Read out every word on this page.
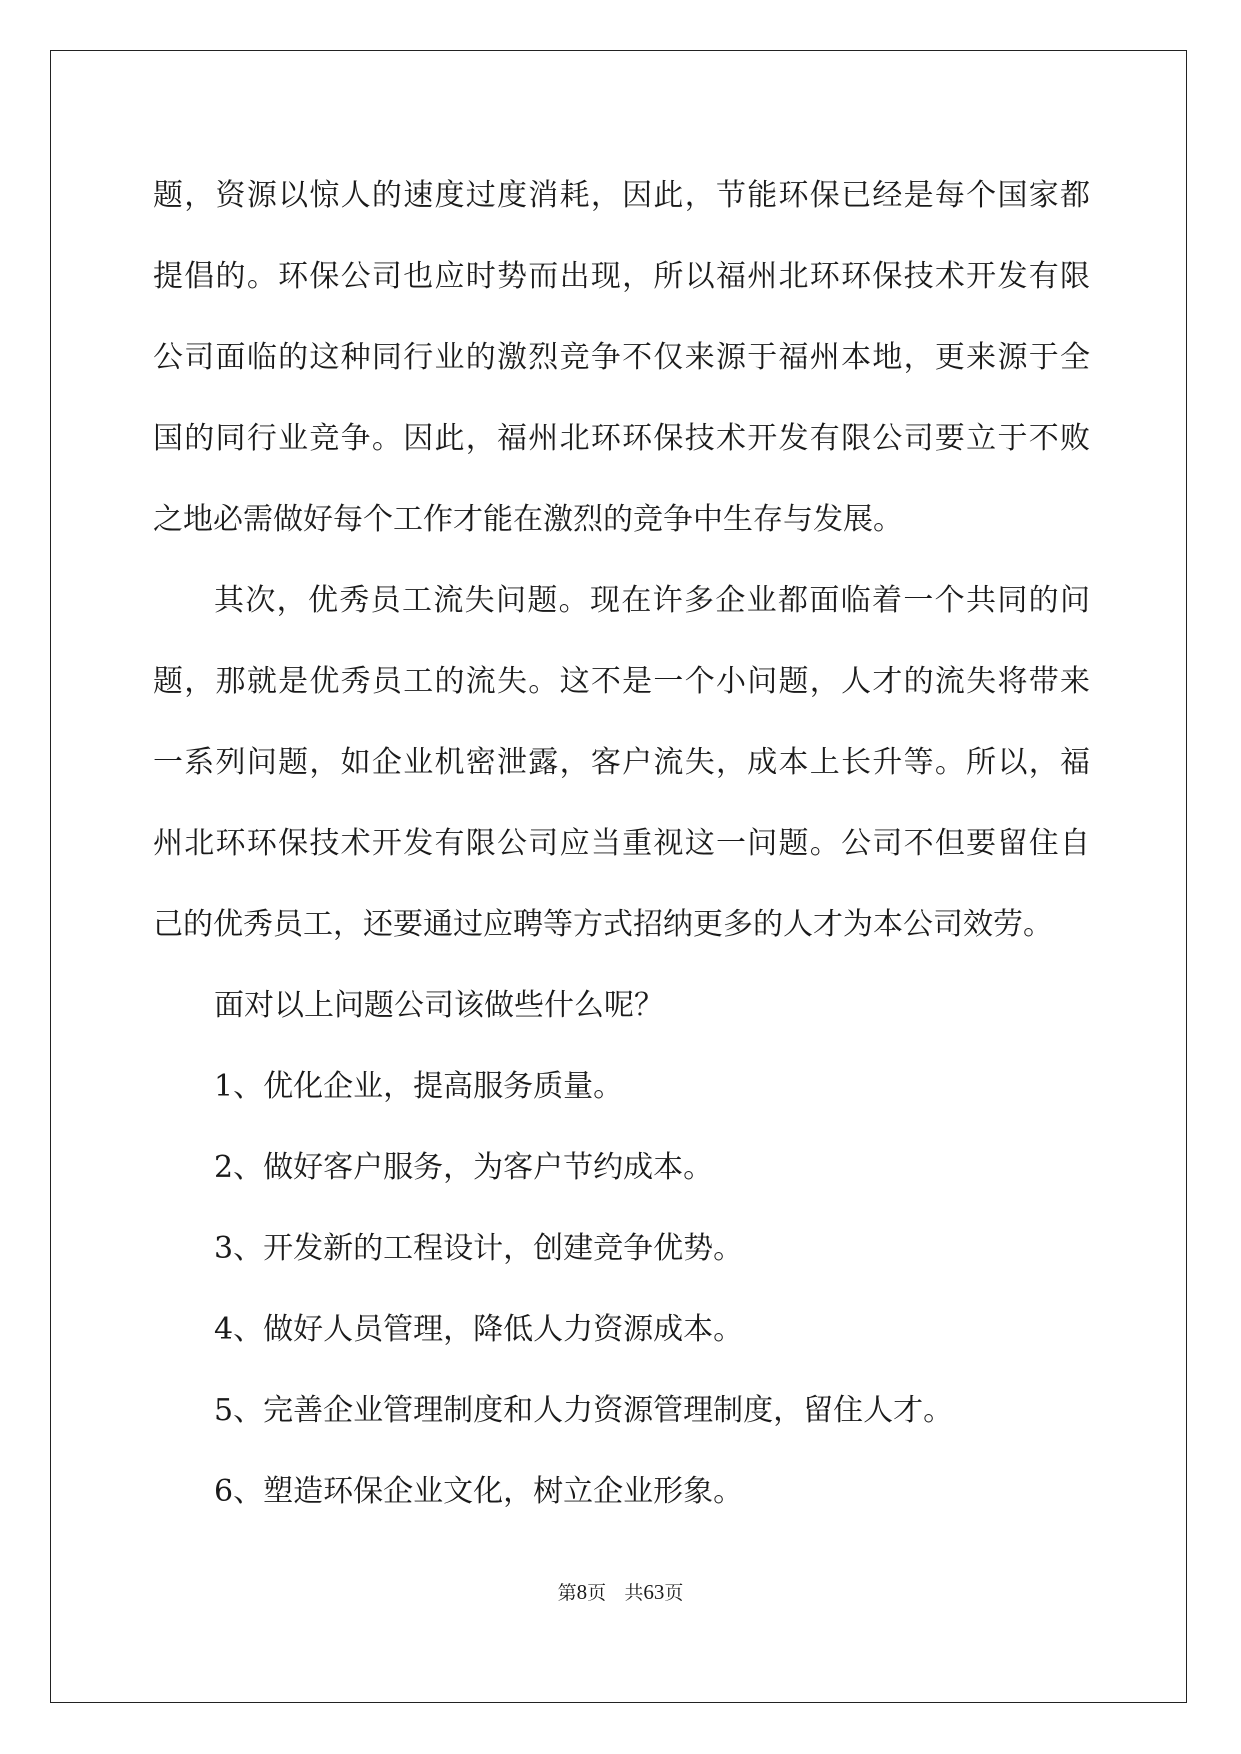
题，资源以惊人的速度过度消耗，因此，节能环保已经是每个国家都
提倡的。环保公司也应时势而出现，所以福州北环环保技术开发有限
公司面临的这种同行业的激烈竞争不仅来源于福州本地，更来源于全
国的同行业竞争。因此，福州北环环保技术开发有限公司要立于不败
之地必需做好每个工作才能在激烈的竞争中生存与发展。
其次，优秀员工流失问题。现在许多企业都面临着一个共同的问
题，那就是优秀员工的流失。这不是一个小问题，人才的流失将带来
一系列问题，如企业机密泄露，客户流失，成本上长升等。所以，福
州北环环保技术开发有限公司应当重视这一问题。公司不但要留住自
己的优秀员工，还要通过应聘等方式招纳更多的人才为本公司效劳。
面对以上问题公司该做些什么呢？
1、优化企业，提高服务质量。
2、做好客户服务，为客户节约成本。
3、开发新的工程设计，创建竞争优势。
4、做好人员管理，降低人力资源成本。
5、完善企业管理制度和人力资源管理制度，留住人才。
6、塑造环保企业文化，树立企业形象。
第8页 共63页
